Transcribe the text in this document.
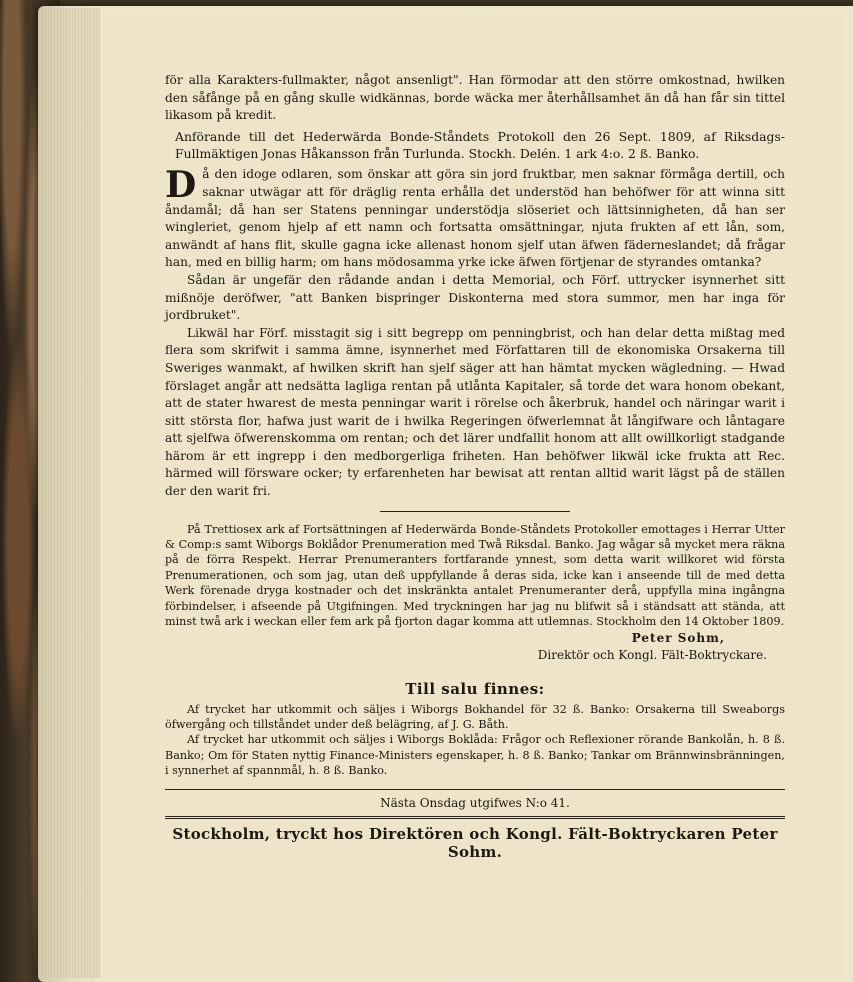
för alla Karakters-fullmakter, något ansenligt". Han förmodar att den större omkostnad, hwilken den såfånge på en gång skulle widkännas, borde wäcka mer återhållsamhet än då han får sin tittel likasom på kredit.

Anförande till det Hederwärda Bonde-Ståndets Protokoll den 26 Sept. 1809, af Riksdags-Fullmäktigen Jonas Håkansson från Turlunda. Stockh. Delén. 1 ark 4:o. 2 ß. Banko.

D å den idoge odlaren, som önskar att göra sin jord fruktbar, men saknar förmåga dertill, och saknar utwägar att för dräglig renta erhålla det understöd han behöfwer för att winna sitt åndamål; då han ser Statens penningar understödja slöseriet och lättsinnigheten, då han ser wingleriet, genom hjelp af ett namn och fortsatta omsättningar, njuta frukten af ett lån, som, anwändt af hans flit, skulle gagna icke allenast honom sjelf utan äfwen fäderneslandet; då frågar han, med en billig harm; om hans mödosamma yrke icke äfwen förtjenar de styrandes omtanka?

Sådan är ungefär den rådande andan i detta Memorial, och Förf. uttrycker isynnerhet sitt mißnöje deröfwer, "att Banken bispringer Diskonterna med stora summor, men har inga för jordbruket".

Likwäl har Förf. misstagit sig i sitt begrepp om penningbrist, och han delar detta mißtag med flera som skrifwit i samma ämne, isynnerhet med Författaren till de ekonomiska Orsakerna till Sweriges wanmakt, af hwilken skrift han sjelf säger att han hämtat mycken wägledning. — Hwad förslaget angår att nedsätta lagliga rentan på utlånta Kapitaler, så torde det wara honom obekant, att de stater hwarest de mesta penningar warit i rörelse och åkerbruk, handel och näringar warit i sitt största flor, hafwa just warit de i hwilka Regeringen öfwerlemnat åt långifware och låntagare att sjelfwa öfwerenskomma om rentan; och det lärer undfallit honom att allt owillkorligt stadgande härom är ett ingrepp i den medborgerliga friheten. Han behöfwer likwäl icke frukta att Rec. härmed will försware ocker; ty erfarenheten har bewisat att rentan alltid warit lägst på de ställen der den warit fri.

På Trettiosex ark af Fortsättningen af Hederwärda Bonde-Ståndets Protokoller emottages i Herrar Utter & Comp:s samt Wiborgs Boklådor Prenumeration med Twå Riksdal. Banko. Jag wågar så mycket mera räkna på de förra Respekt. Herrar Prenumeranters fortfarande ynnest, som detta warit willkoret wid första Prenumerationen, och som jag, utan deß uppfyllande å deras sida, icke kan i anseende till de med detta Werk förenade dryga kostnader och det inskränkta antalet Prenumeranter derå, uppfylla mina ingångna förbindelser, i afseende på Utgifningen. Med tryckningen har jag nu blifwit så i ständsatt att stända, att minst twå ark i weckan eller fem ark på fjorton dagar komma att utlemnas. Stockholm den 14 Oktober 1809.

Peter Sohm,

Direktör och Kongl. Fält-Boktryckare.

Till salu finnes:

Af trycket har utkommit och säljes i Wiborgs Bokhandel för 32 ß. Banko: Orsakerna till Sweaborgs öfwergång och tillståndet under deß belägring, af J. G. Båth.

Af trycket har utkommit och säljes i Wiborgs Boklåda: Frågor och Reflexioner rörande Bankolån, h. 8 ß. Banko; Om för Staten nyttig Finance-Ministers egenskaper, h. 8 ß. Banko; Tankar om Brännwinsbränningen, i synnerhet af spannmål, h. 8 ß. Banko.

Nästa Onsdag utgifwes N:o 41.

Stockholm, tryckt hos Direktören och Kongl. Fält-Boktryckaren Peter Sohm.
